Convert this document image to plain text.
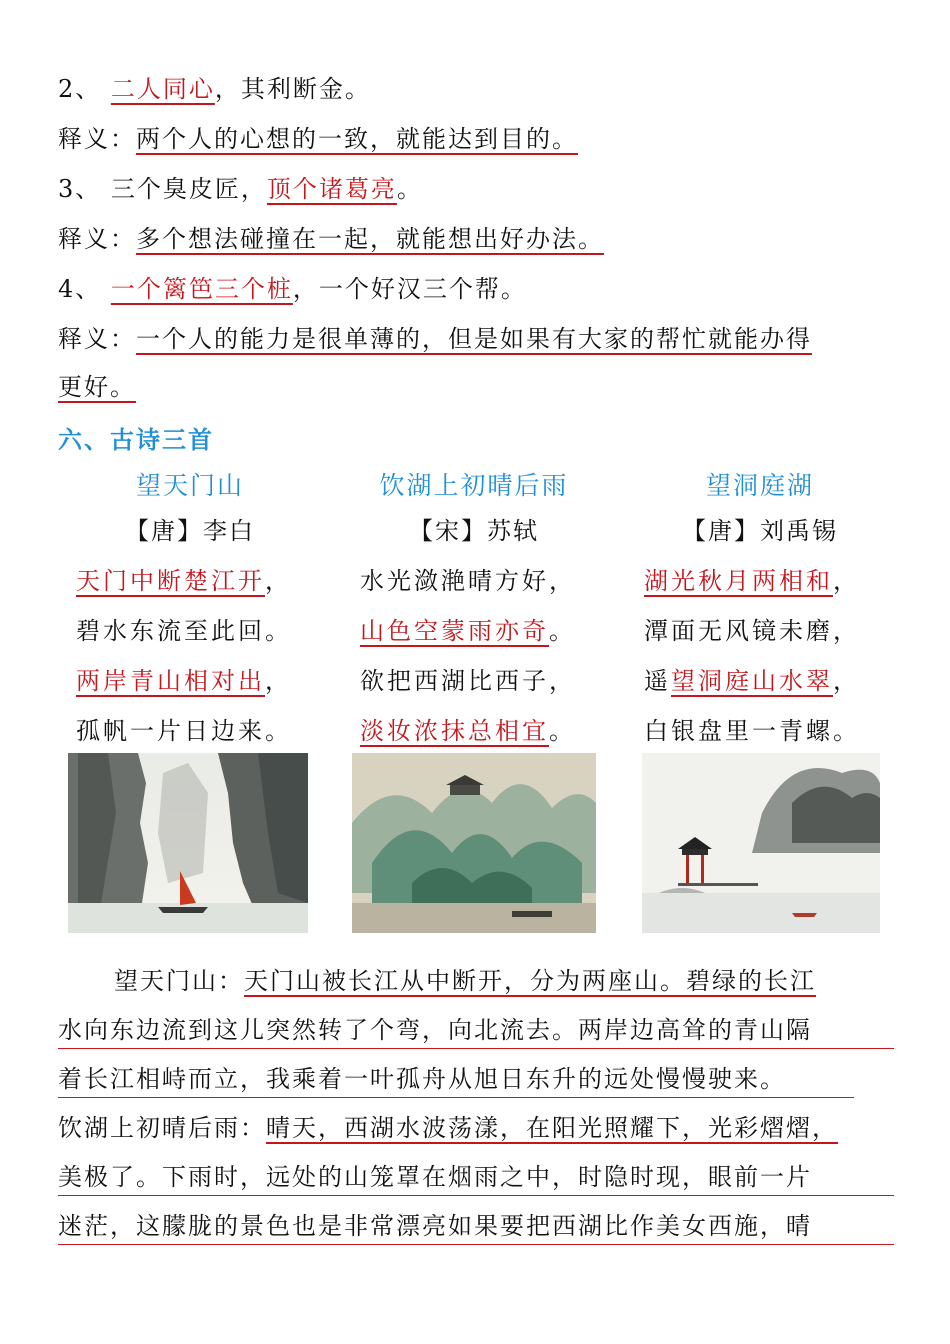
2、 二人同心，其利断金。
释义：两个人的心想的一致，就能达到目的。
3、 三个臭皮匠，顶个诸葛亮。
释义：多个想法碰撞在一起，就能想出好办法。
4、 一个篱笆三个桩，一个好汉三个帮。
释义：一个人的能力是很单薄的，但是如果有大家的帮忙就能办得
更好。
六、古诗三首
望天门山
【唐】李白
天门中断楚江开，
碧水东流至此回。
两岸青山相对出，
孤帆一片日边来。
饮湖上初晴后雨
【宋】苏轼
水光潋滟晴方好，
山色空蒙雨亦奇。
欲把西湖比西子，
淡妆浓抹总相宜。
望洞庭湖
【唐】刘禹锡
湖光秋月两相和，
潭面无风镜未磨，
遥望洞庭山水翠，
白银盘里一青螺。
望天门山：天门山被长江从中断开，分为两座山。碧绿的长江
水向东边流到这儿突然转了个弯，向北流去。两岸边高耸的青山隔
着长江相峙而立，我乘着一叶孤舟从旭日东升的远处慢慢驶来。
饮湖上初晴后雨：晴天，西湖水波荡漾，在阳光照耀下，光彩熠熠，
美极了。下雨时，远处的山笼罩在烟雨之中，时隐时现，眼前一片
迷茫，这朦胧的景色也是非常漂亮如果要把西湖比作美女西施，晴
